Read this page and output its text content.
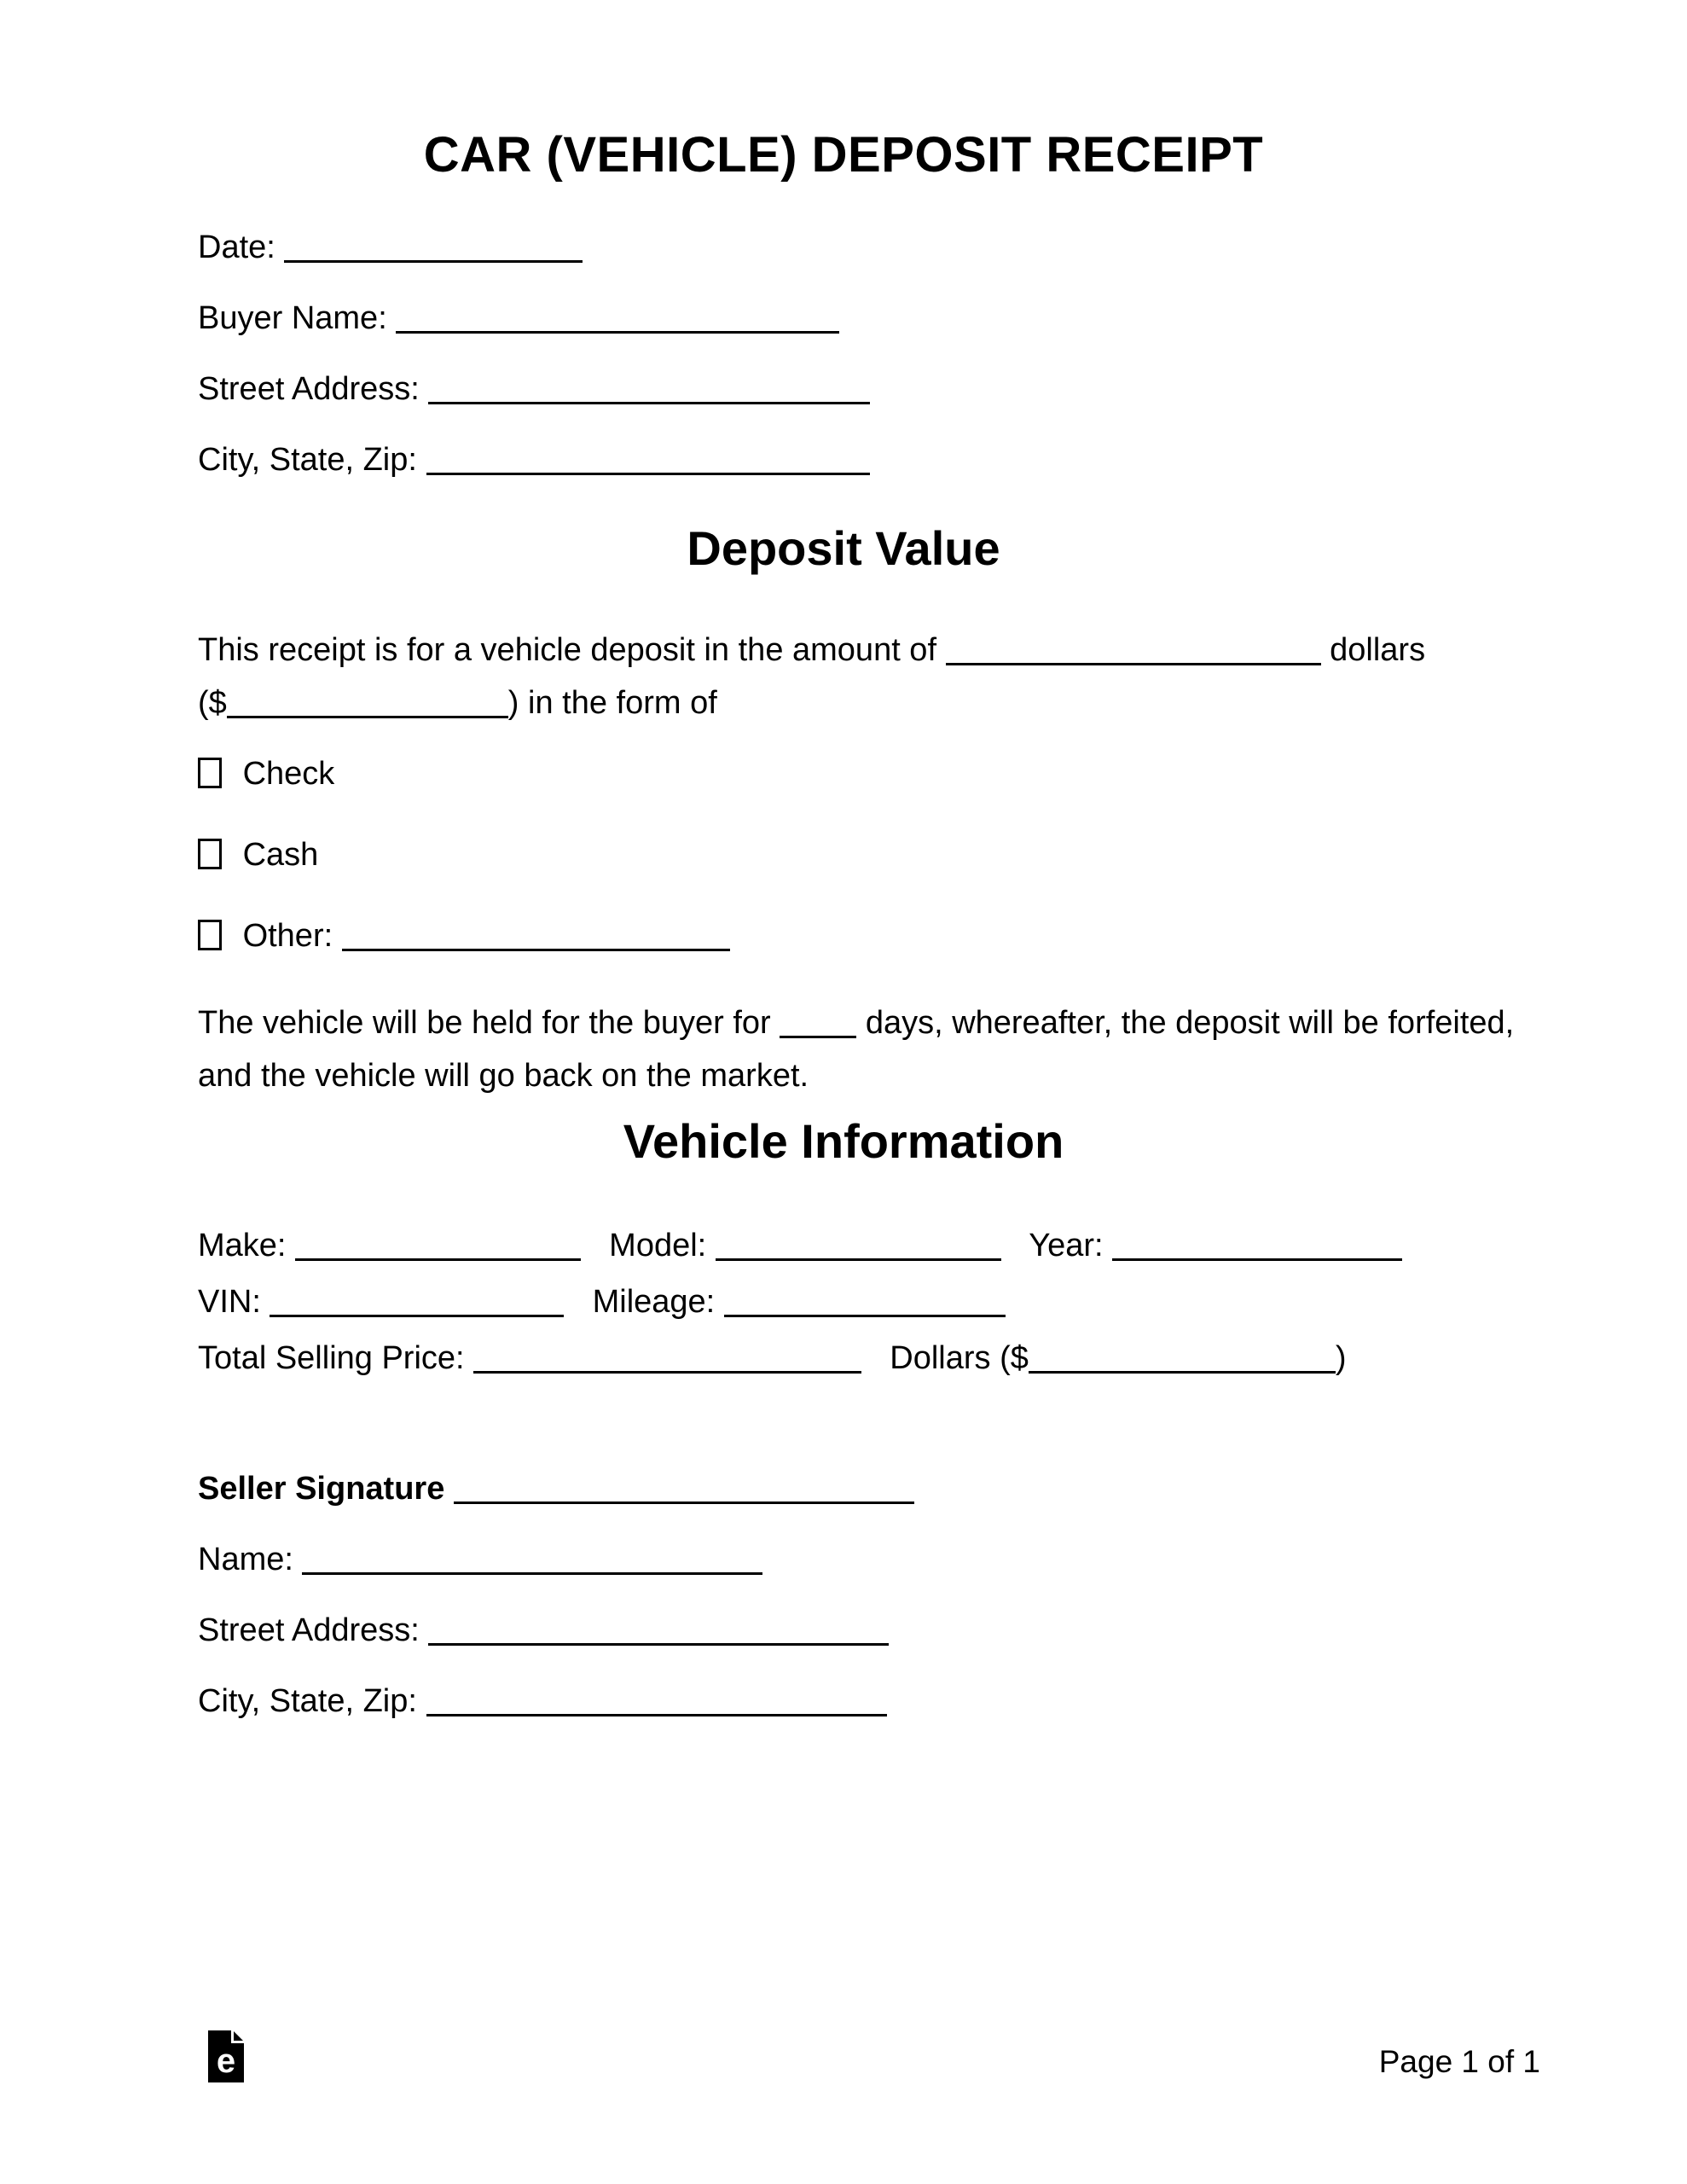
CAR (VEHICLE) DEPOSIT RECEIPT
Date:
Buyer Name:
Street Address:
City, State, Zip:
Deposit Value
This receipt is for a vehicle deposit in the amount of	dollars
($	) in the form of
Check
Cash
Other:
The vehicle will be held for the buyer for	days, whereafter, the deposit will be forfeited,
and the vehicle will go back on the market.
Vehicle Information
Make:	Model:	Year:
VIN:	Mileage:
Total Selling Price:	Dollars ($	)
Seller Signature
Name:
Street Address:
City, State, Zip:
e	Page 1 of 1
